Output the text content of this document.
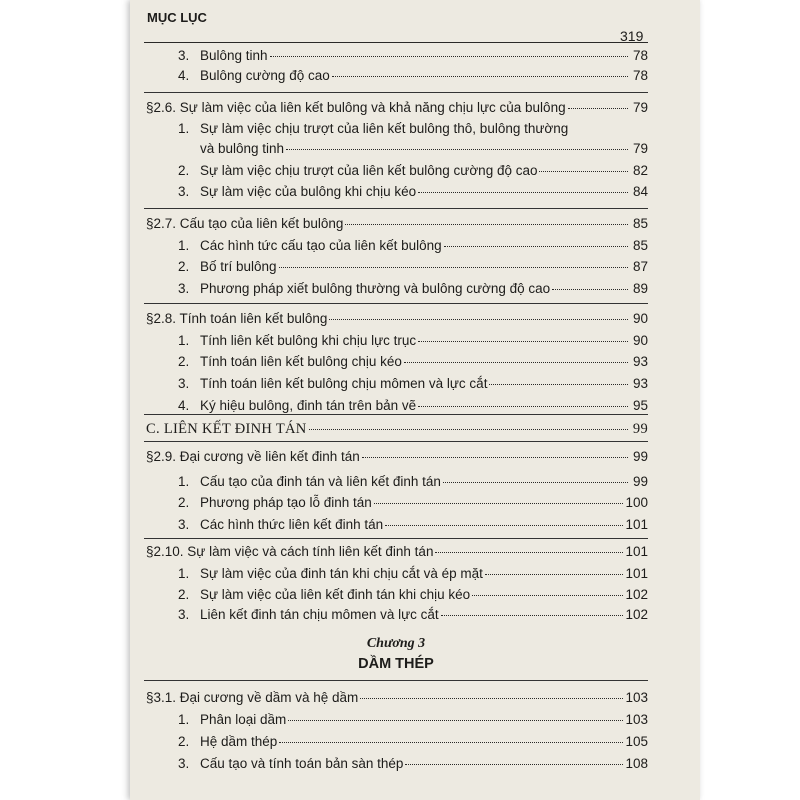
MỤC LỤC
319
3. Bulông tinh	78
4. Bulông cường độ cao	78
§2.6. Sự làm việc của liên kết bulông và khả năng chịu lực của bulông	79
1. Sự làm việc chịu trượt của liên kết bulông thô, bulông thường
và bulông tinh	79
2. Sự làm việc chịu trượt của liên kết bulông cường độ cao	82
3. Sự làm việc của bulông khi chịu kéo	84
§2.7. Cấu tạo của liên kết bulông	85
1. Các hình tức cấu tạo của liên kết bulông	85
2. Bố trí bulông	87
3. Phương pháp xiết bulông thường và bulông cường độ cao	89
§2.8. Tính toán liên kết bulông	90
1. Tính liên kết bulông khi chịu lực trục	90
2. Tính toán liên kết bulông chịu kéo	93
3. Tính toán liên kết bulông chịu mômen và lực cắt	93
4. Ký hiệu bulông, đinh tán trên bản vẽ	95
C. LIÊN KẾT ĐINH TÁN	99
§2.9. Đại cương về liên kết đinh tán	99
1. Cấu tạo của đinh tán và liên kết đinh tán	99
2. Phương pháp tạo lỗ đinh tán	100
3. Các hình thức liên kết đinh tán	101
§2.10. Sự làm việc và cách tính liên kết đinh tán	101
1. Sự làm việc của đinh tán khi chịu cắt và ép mặt	101
2. Sự làm việc của liên kết đinh tán khi chịu kéo	102
3. Liên kết đinh tán chịu mômen và lực cắt	102
Chương 3
DẦM THÉP
§3.1. Đại cương về dầm và hệ dầm	103
1. Phân loại dầm	103
2. Hệ dầm thép	105
3. Cấu tạo và tính toán bản sàn thép	108
